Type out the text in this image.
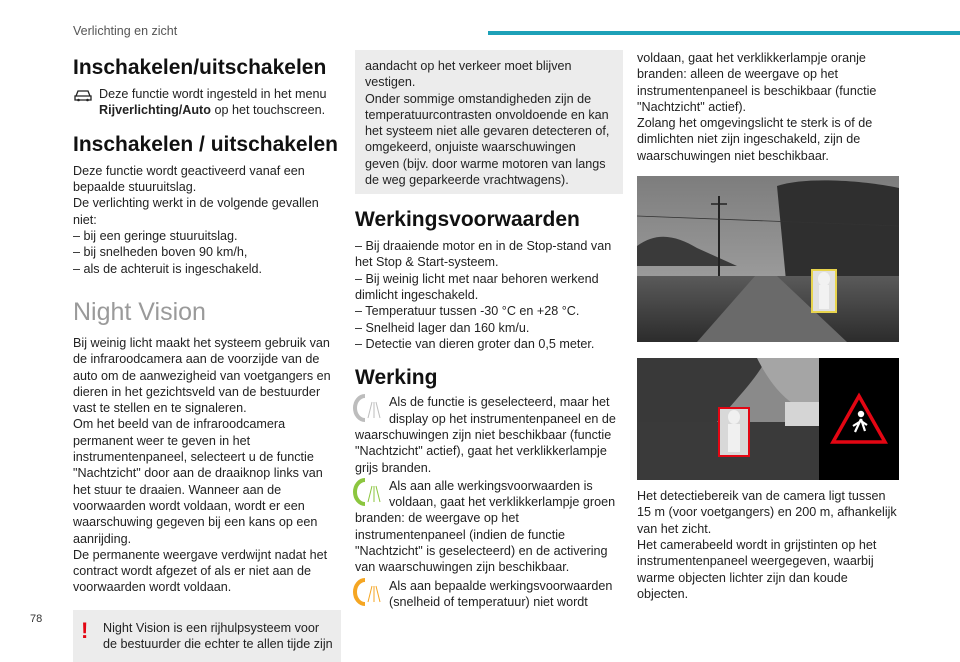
Verlichting en zicht
78
Inschakelen/uitschakelen
Deze functie wordt ingesteld in het menu Rijverlichting/Auto op het touchscreen.
Inschakelen / uitschakelen
Deze functie wordt geactiveerd vanaf een bepaalde stuuruitslag.
De verlichting werkt in de volgende gevallen niet:
– bij een geringe stuuruitslag.
– bij snelheden boven 90 km/h,
– als de achteruit is ingeschakeld.
Night Vision
Bij weinig licht maakt het systeem gebruik van de infraroodcamera aan de voorzijde van de auto om de aanwezigheid van voetgangers en dieren in het gezichtsveld van de bestuurder vast te stellen en te signaleren.
Om het beeld van de infraroodcamera permanent weer te geven in het instrumentenpaneel, selecteert u de functie "Nachtzicht" door aan de draaiknop links van het stuur te draaien. Wanneer aan de voorwaarden wordt voldaan, wordt er een waarschuwing gegeven bij een kans op een aanrijding.
De permanente weergave verdwijnt nadat het contract wordt afgezet of als er niet aan de voorwaarden wordt voldaan.
!	Night Vision is een rijhulpsysteem voor de bestuurder die echter te allen tijde zijn
aandacht op het verkeer moet blijven vestigen.
Onder sommige omstandigheden zijn de temperatuurcontrasten onvoldoende en kan het systeem niet alle gevaren detecteren of, omgekeerd, onjuiste waarschuwingen geven (bijv. door warme motoren van langs de weg geparkeerde vrachtwagens).
Werkingsvoorwaarden
– Bij draaiende motor en in de Stop-stand van het Stop & Start-systeem.
– Bij weinig licht met naar behoren werkend dimlicht ingeschakeld.
– Temperatuur tussen -30 °C en +28 °C.
– Snelheid lager dan 160 km/u.
– Detectie van dieren groter dan 0,5 meter.
Werking
Als de functie is geselecteerd, maar het display op het instrumentenpaneel en de waarschuwingen zijn niet beschikbaar (functie "Nachtzicht" actief), gaat het verklikkerlampje grijs branden.
Als aan alle werkingsvoorwaarden is voldaan, gaat het verklikkerlampje groen branden: de weergave op het instrumentenpaneel (indien de functie "Nachtzicht" is geselecteerd) en de activering van waarschuwingen zijn beschikbaar.
Als aan bepaalde werkingsvoorwaarden (snelheid of temperatuur) niet wordt
voldaan, gaat het verklikkerlampje oranje branden: alleen de weergave op het instrumentenpaneel is beschikbaar (functie "Nachtzicht" actief).
Zolang het omgevingslicht te sterk is of de dimlichten niet zijn ingeschakeld, zijn de waarschuwingen niet beschikbaar.
Het detectiebereik van de camera ligt tussen 15 m (voor voetgangers) en 200 m, afhankelijk van het zicht.
Het camerabeeld wordt in grijstinten op het instrumentenpaneel weergegeven, waarbij warme objecten lichter zijn dan koude objecten.
